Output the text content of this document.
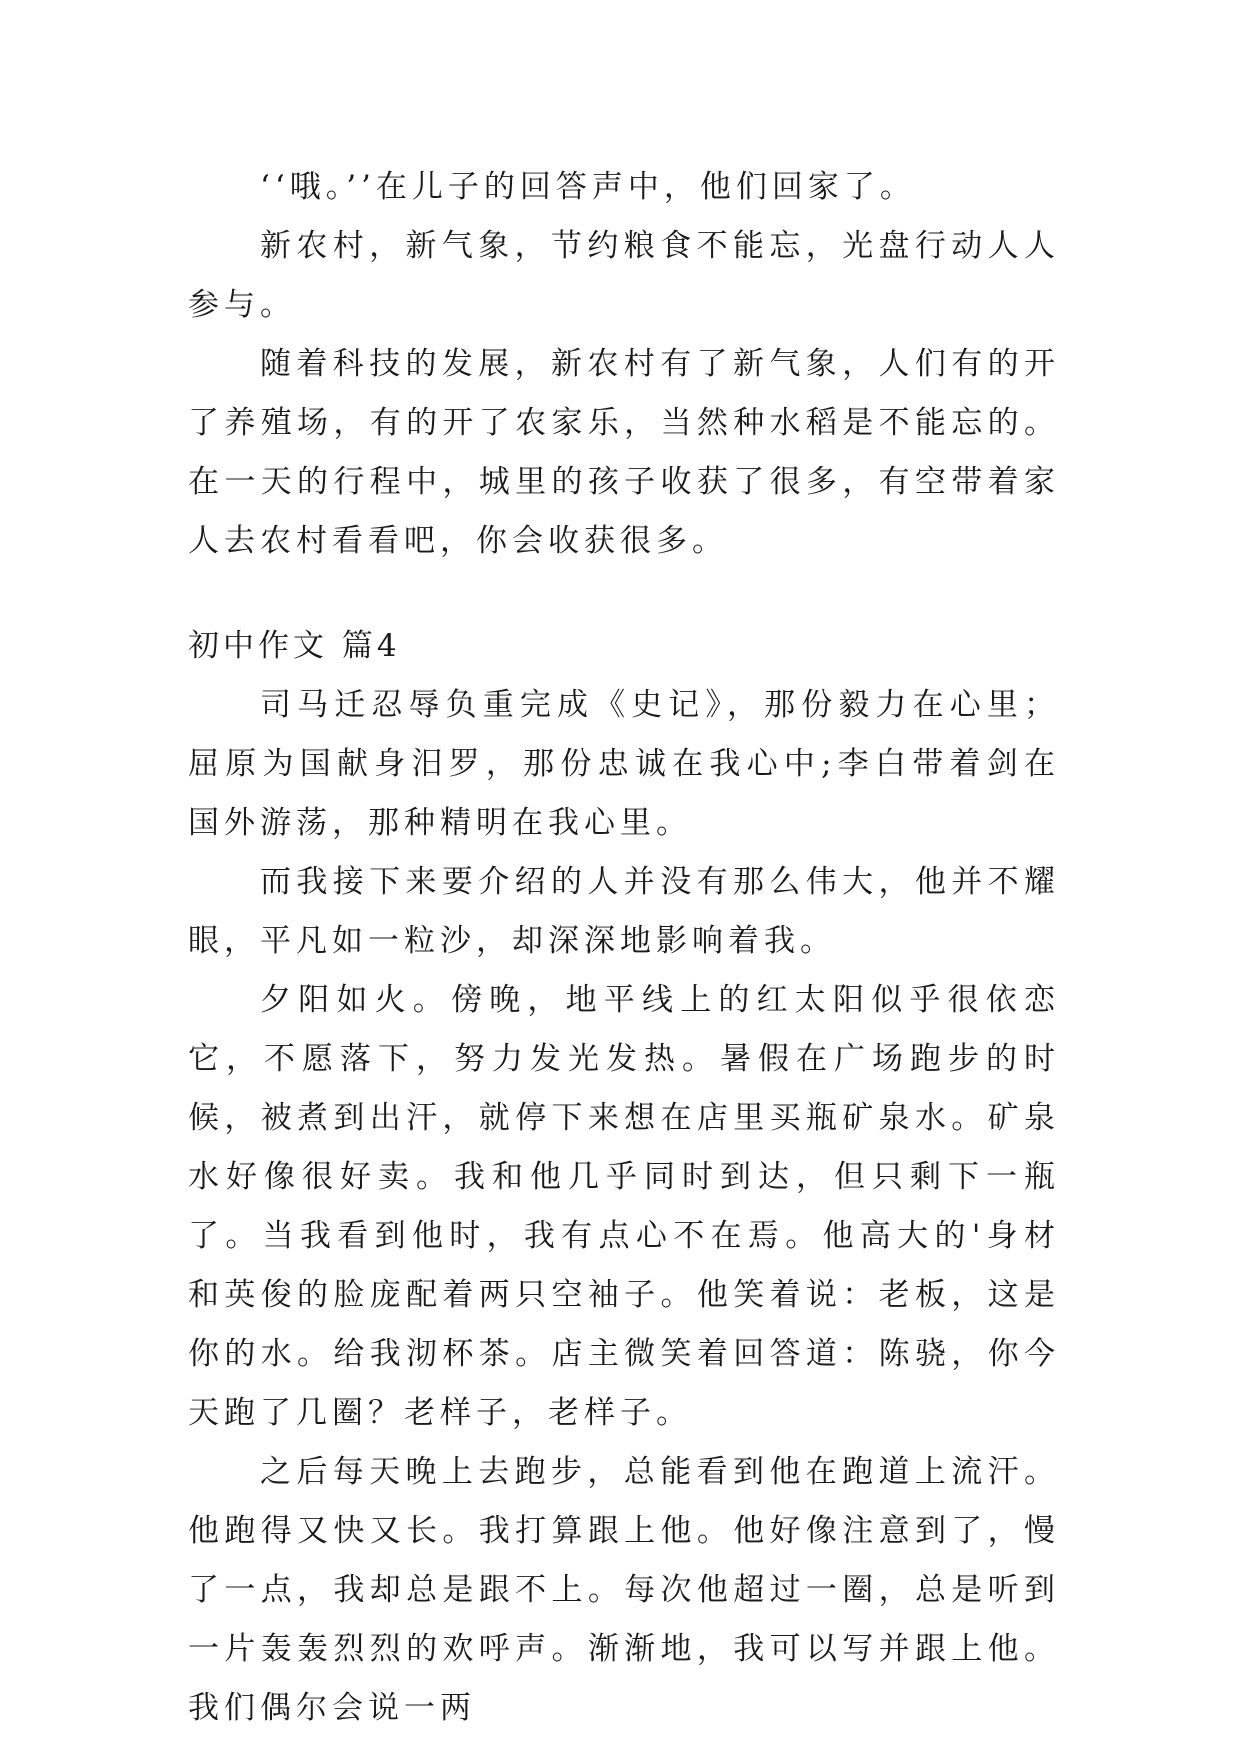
‘‘哦。’’在儿子的回答声中，他们回家了。

新农村，新气象，节约粮食不能忘，光盘行动人人参与。

随着科技的发展，新农村有了新气象，人们有的开了养殖场，有的开了农家乐，当然种水稻是不能忘的。在一天的行程中，城里的孩子收获了很多，有空带着家人去农村看看吧，你会收获很多。

初中作文 篇4

司马迁忍辱负重完成《史记》，那份毅力在心里；屈原为国献身汨罗，那份忠诚在我心中;李白带着剑在国外游荡，那种精明在我心里。

而我接下来要介绍的人并没有那么伟大，他并不耀眼，平凡如一粒沙，却深深地影响着我。

夕阳如火。傍晚，地平线上的红太阳似乎很依恋它，不愿落下，努力发光发热。暑假在广场跑步的时候，被煮到出汗，就停下来想在店里买瓶矿泉水。矿泉水好像很好卖。我和他几乎同时到达，但只剩下一瓶了。当我看到他时，我有点心不在焉。他高大的'身材和英俊的脸庞配着两只空袖子。他笑着说：老板，这是你的水。给我沏杯茶。店主微笑着回答道：陈骁，你今天跑了几圈？老样子，老样子。

之后每天晚上去跑步，总能看到他在跑道上流汗。他跑得又快又长。我打算跟上他。他好像注意到了，慢了一点，我却总是跟不上。每次他超过一圈，总是听到一片轰轰烈烈的欢呼声。渐渐地，我可以写并跟上他。我们偶尔会说一两
